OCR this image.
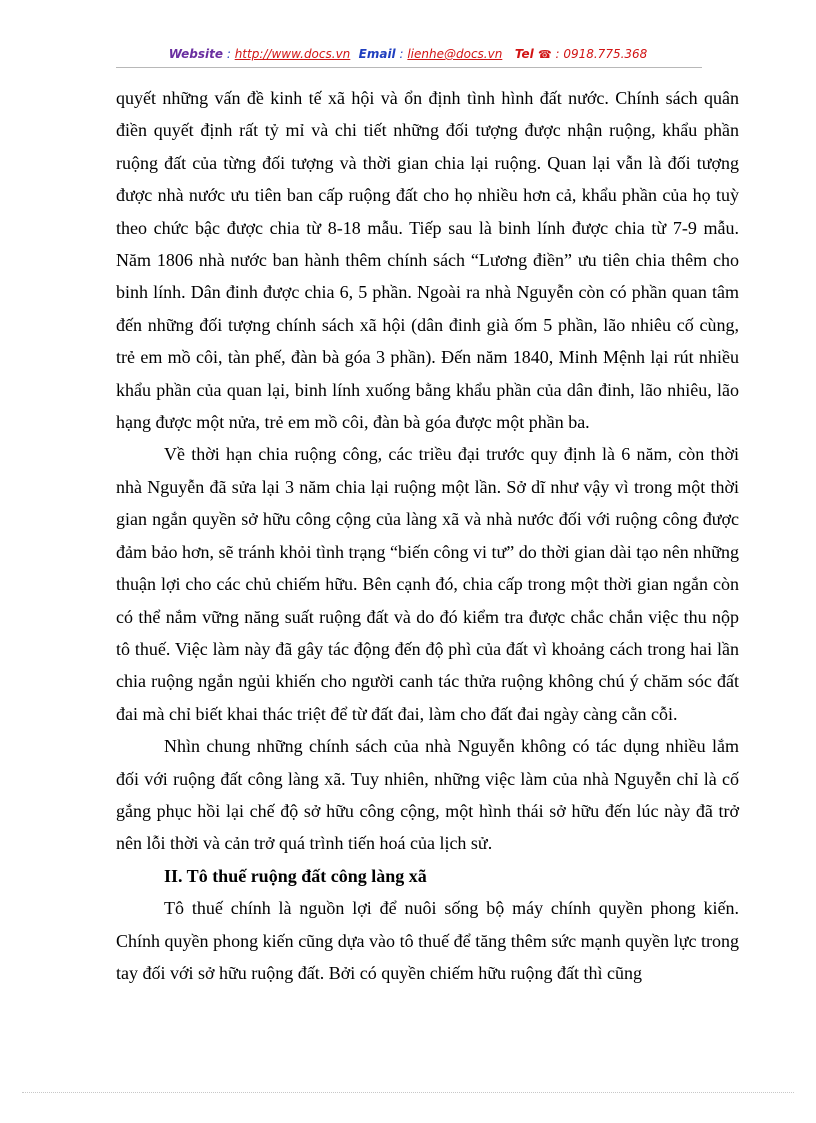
Website : http://www.docs.vn Email : lienhe@docs.vn Tel ☎ : 0918.775.368

quyết những vấn đề kinh tế xã hội và ổn định tình hình đất nước. Chính sách quân điền quyết định rất tỷ mỉ và chi tiết những đối tượng được nhận ruộng, khẩu phần ruộng đất của từng đối tượng và thời gian chia lại ruộng. Quan lại vẫn là đối tượng được nhà nước ưu tiên ban cấp ruộng đất cho họ nhiều hơn cả, khẩu phần của họ tuỳ theo chức bậc được chia từ 8-18 mẫu. Tiếp sau là binh lính được chia từ 7-9 mẫu. Năm 1806 nhà nước ban hành thêm chính sách “Lương điền” ưu tiên chia thêm cho binh lính. Dân đinh được chia 6, 5 phần. Ngoài ra nhà Nguyễn còn có phần quan tâm đến những đối tượng chính sách xã hội (dân đinh già ốm 5 phần, lão nhiêu cố cùng, trẻ em mồ côi, tàn phế, đàn bà góa 3 phần). Đến năm 1840, Minh Mệnh lại rút nhiều khẩu phần của quan lại, binh lính xuống bằng khẩu phần của dân đinh, lão nhiêu, lão hạng được một nửa, trẻ em mồ côi, đàn bà góa được một phần ba.

Về thời hạn chia ruộng công, các triều đại trước quy định là 6 năm, còn thời nhà Nguyễn đã sửa lại 3 năm chia lại ruộng một lần. Sở dĩ như vậy vì trong một thời gian ngắn quyền sở hữu công cộng của làng xã và nhà nước đối với ruộng công được đảm bảo hơn, sẽ tránh khỏi tình trạng “biến công vi tư” do thời gian dài tạo nên những thuận lợi cho các chủ chiếm hữu. Bên cạnh đó, chia cấp trong một thời gian ngắn còn có thể nắm vững năng suất ruộng đất và do đó kiểm tra được chắc chắn việc thu nộp tô thuế. Việc làm này đã gây tác động đến độ phì của đất vì khoảng cách trong hai lần chia ruộng ngắn ngủi khiến cho người canh tác thửa ruộng không chú ý chăm sóc đất đai mà chỉ biết khai thác triệt để từ đất đai, làm cho đất đai ngày càng cằn cỗi.

Nhìn chung những chính sách của nhà Nguyễn không có tác dụng nhiều lắm đối với ruộng đất công làng xã. Tuy nhiên, những việc làm của nhà Nguyễn chỉ là cố gắng phục hồi lại chế độ sở hữu công cộng, một hình thái sở hữu đến lúc này đã trở nên lỗi thời và cản trở quá trình tiến hoá của lịch sử.

II. Tô thuế ruộng đất công làng xã

Tô thuế chính là nguồn lợi để nuôi sống bộ máy chính quyền phong kiến. Chính quyền phong kiến cũng dựa vào tô thuế để tăng thêm sức mạnh quyền lực trong tay đối với sở hữu ruộng đất. Bởi có quyền chiếm hữu ruộng đất thì cũng
